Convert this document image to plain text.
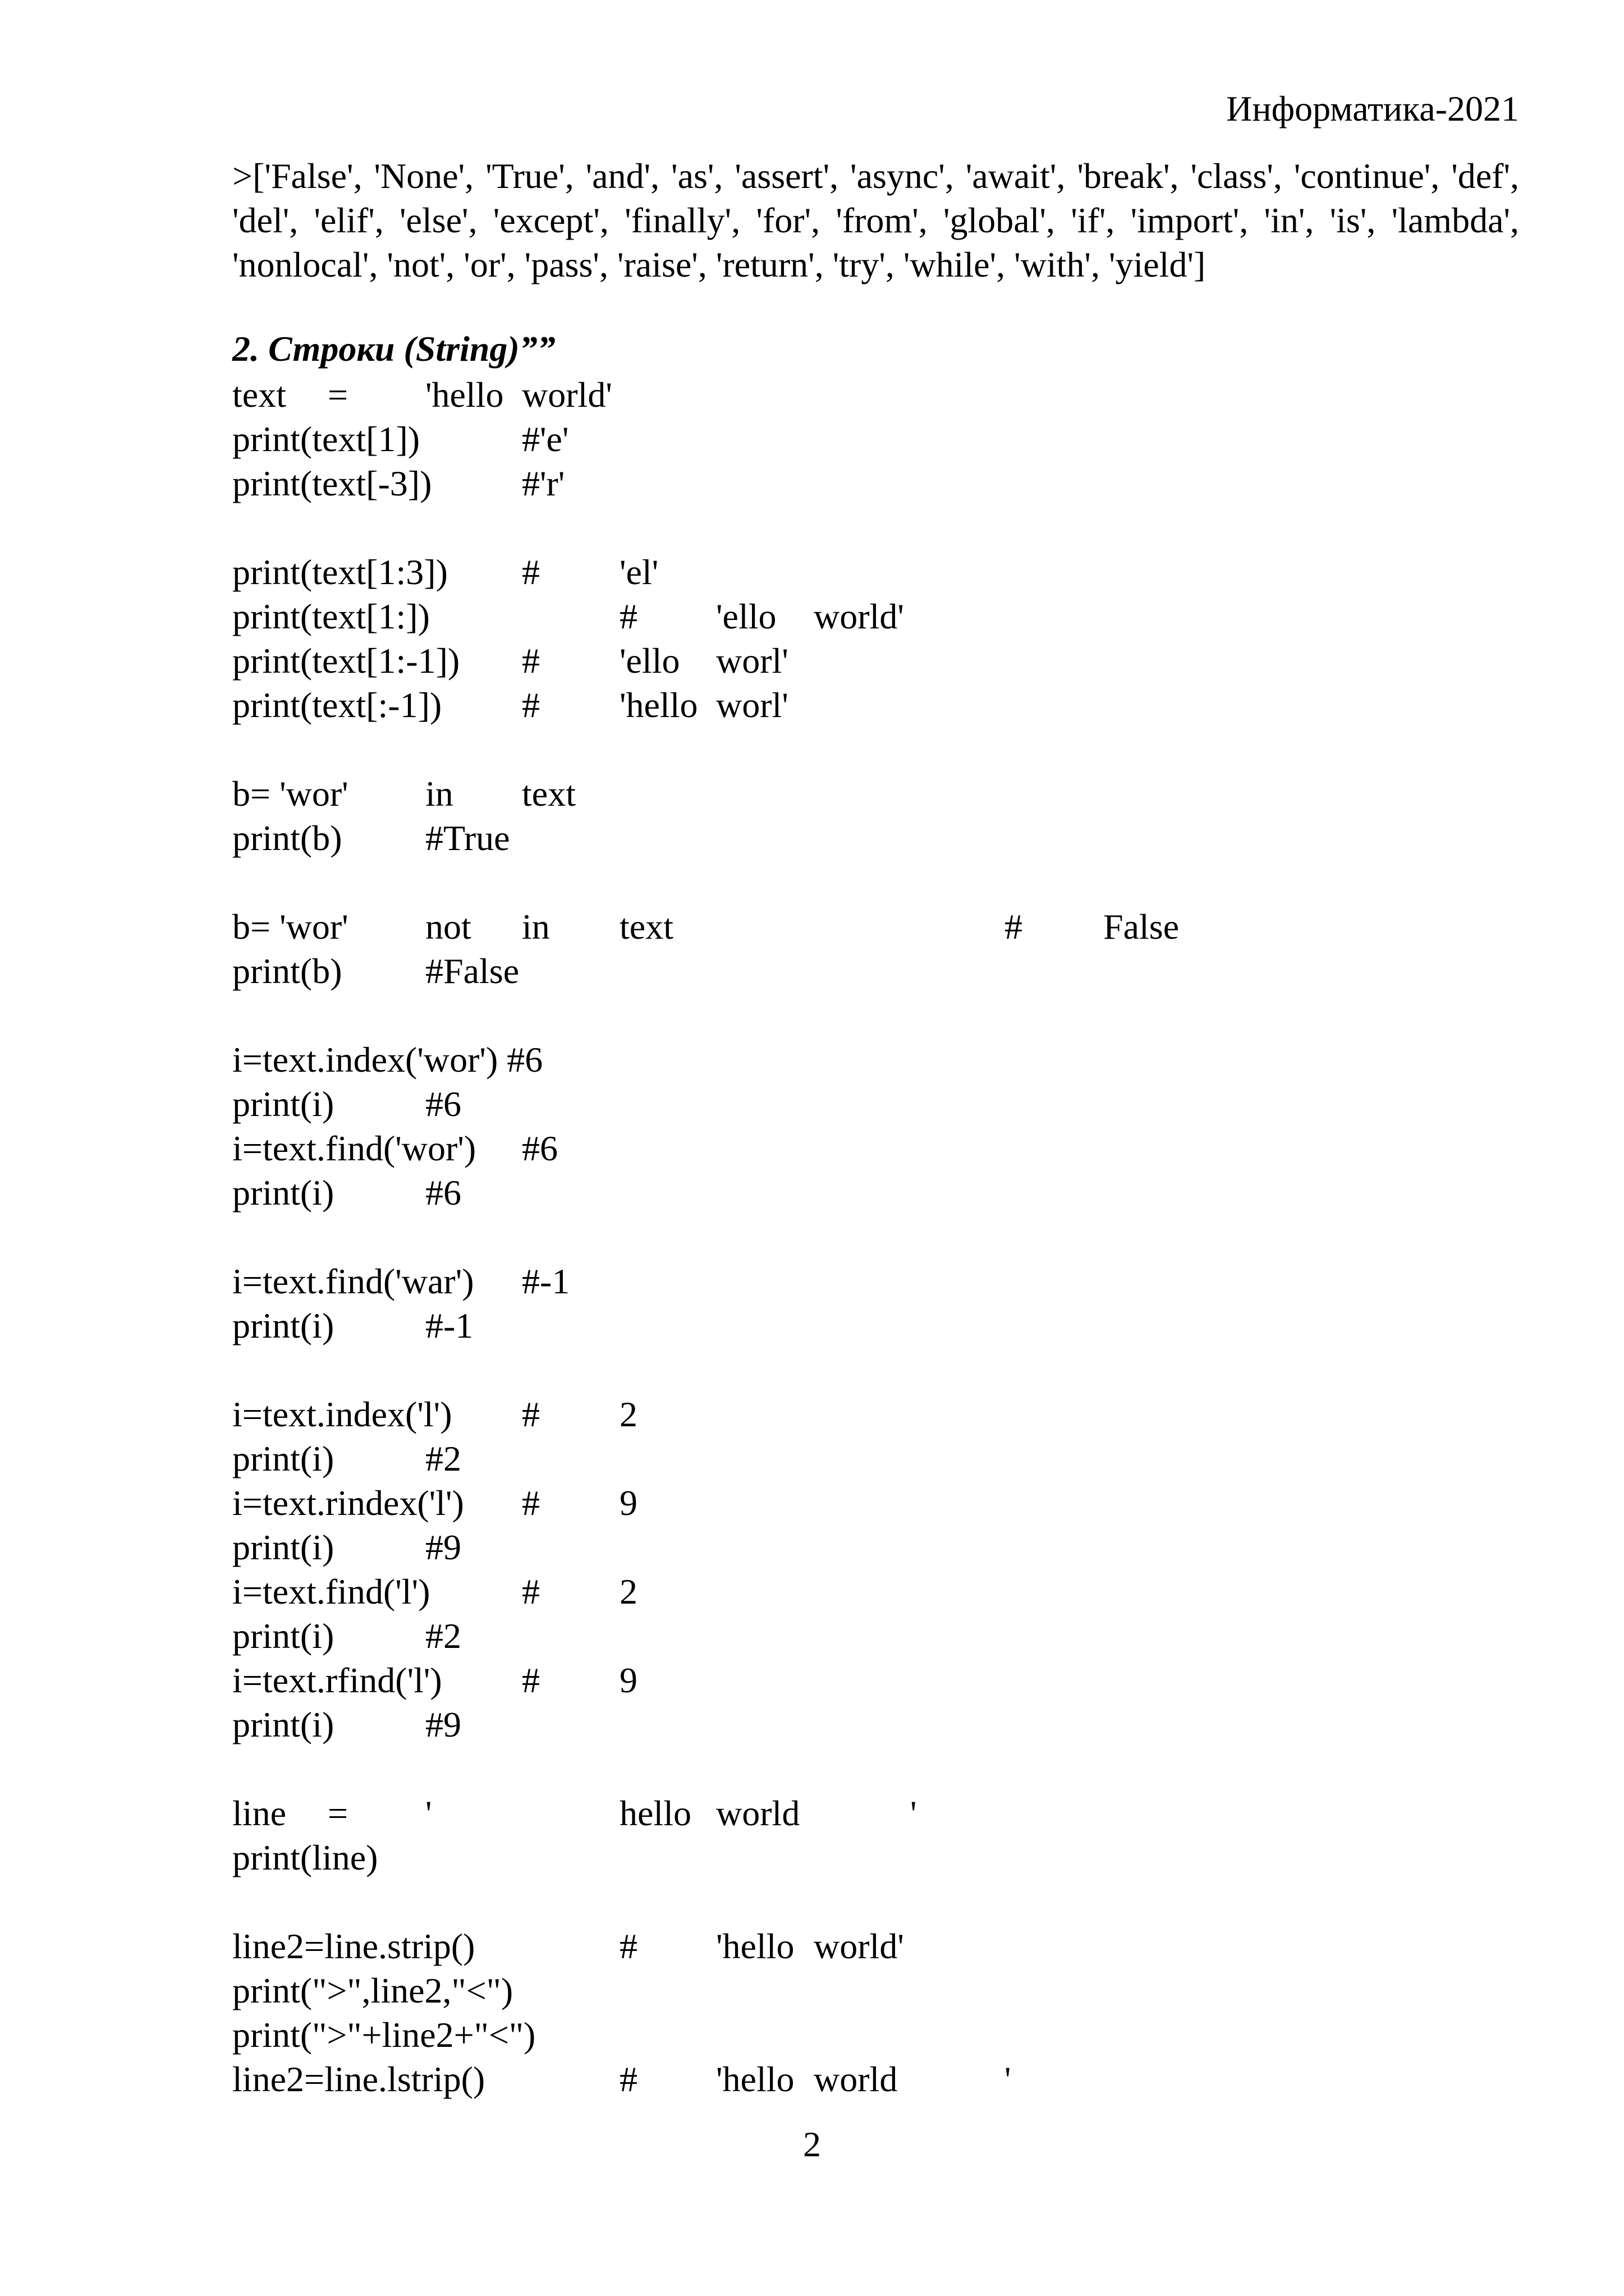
Информатика-2021
>['False', 'None', 'True', 'and', 'as', 'assert', 'async', 'await', 'break', 'class', 'continue', 'def', 'del', 'elif', 'else', 'except', 'finally', 'for', 'from', 'global', 'if', 'import', 'in', 'is', 'lambda', 'nonlocal', 'not', 'or', 'pass', 'raise', 'return', 'try', 'while', 'with', 'yield']
2. Строки (String)””
text = 'hello world'
print(text[1])	#'e'
print(text[-3])	#'r'
print(text[1:3]) # 'el'
print(text[1:])	# 'ello world'
print(text[1:-1]) # 'ello worl'
print(text[:-1]) # 'hello worl'
b= 'wor' in text
print(b) #True
b= 'wor' not in text	# False
print(b) #False
i=text.index('wor') #6
print(i)	#6
i=text.find('wor') #6
print(i)	#6
i=text.find('war') #-1
print(i)	#-1
i=text.index('l') # 2
print(i)	#2
i=text.rindex('l') # 9
print(i)	#9
i=text.find('l')	# 2
print(i)	#2
i=text.rfind('l') # 9
print(i)	#9
line = '	hello world	'
print(line)
line2=line.strip()	# 'hello world'
print(">",line2,"<")
print(">"+line2+"<")
line2=line.lstrip()	# 'hello world	'
2
